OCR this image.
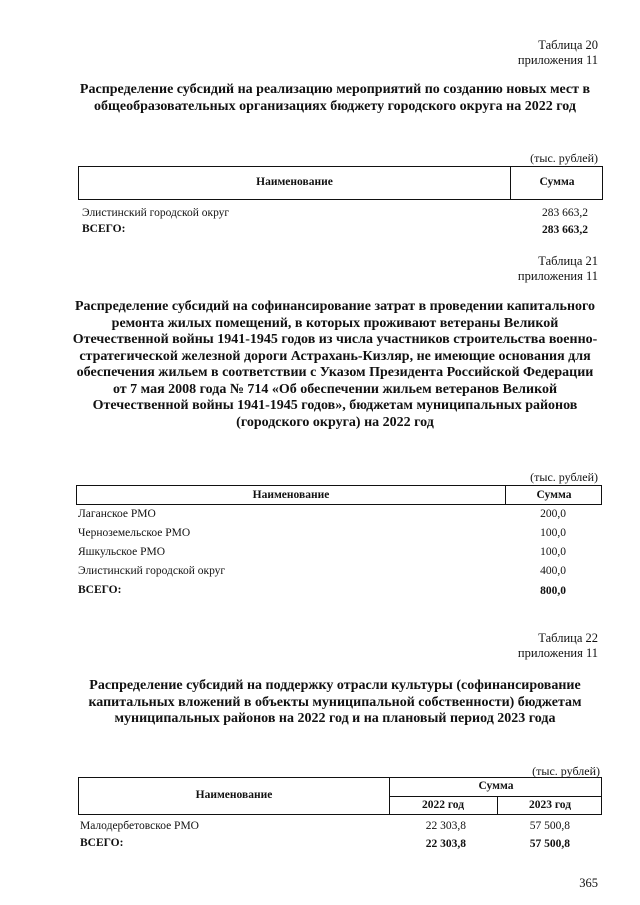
Таблица 20
приложения 11
Распределение субсидий на реализацию мероприятий по созданию новых мест в общеобразовательных организациях бюджету городского округа на 2022 год
(тыс. рублей)
Наименование	Сумма
Элистинский городской округ	283 663,2
ВСЕГО:	283 663,2
Таблица 21
приложения 11
Распределение субсидий на софинансирование затрат в проведении капитального ремонта жилых помещений, в которых проживают ветераны Великой Отечественной войны 1941-1945 годов из числа участников строительства военно-стратегической железной дороги Астрахань-Кизляр, не имеющие основания для обеспечения жильем в соответствии с Указом Президента Российской Федерации от 7 мая 2008 года № 714 «Об обеспечении жильем ветеранов Великой Отечественной войны 1941-1945 годов», бюджетам муниципальных районов (городского округа) на 2022 год
(тыс. рублей)
Наименование	Сумма
Лаганское РМО	200,0
Черноземельское РМО	100,0
Яшкульское РМО	100,0
Элистинский городской округ	400,0
ВСЕГО:	800,0
Таблица 22
приложения 11
Распределение субсидий на поддержку отрасли культуры (софинансирование капитальных вложений в объекты муниципальной собственности) бюджетам муниципальных районов на 2022 год и на плановый период 2023 года
(тыс. рублей)
Наименование
Сумма
2022 год	2023 год
Малодербетовское РМО	22 303,8	57 500,8
ВСЕГО:	22 303,8	57 500,8
365
